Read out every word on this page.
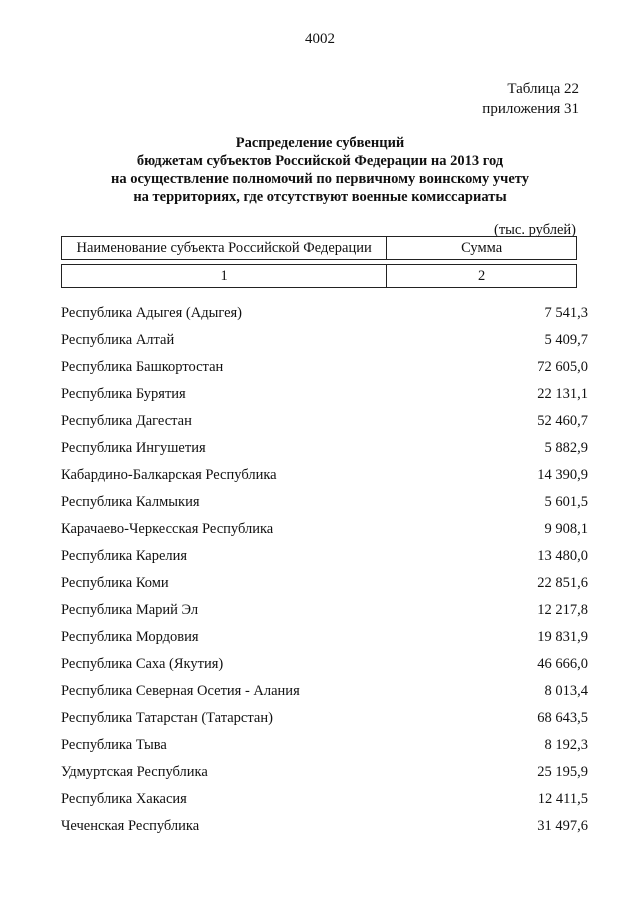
4002
Таблица 22
приложения 31
Распределение субвенций
бюджетам субъектов Российской Федерации на 2013 год
на осуществление полномочий по первичному воинскому учету
на территориях, где отсутствуют военные комиссариаты
(тыс. рублей)
Наименование субъекта Российской Федерации	Сумма

1	2
Республика Адыгея (Адыгея)	7 541,3
Республика Алтай	5 409,7
Республика Башкортостан	72 605,0
Республика Бурятия	22 131,1
Республика Дагестан	52 460,7
Республика Ингушетия	5 882,9
Кабардино-Балкарская Республика	14 390,9
Республика Калмыкия	5 601,5
Карачаево-Черкесская Республика	9 908,1
Республика Карелия	13 480,0
Республика Коми	22 851,6
Республика Марий Эл	12 217,8
Республика Мордовия	19 831,9
Республика Саха (Якутия)	46 666,0
Республика Северная Осетия - Алания	8 013,4
Республика Татарстан (Татарстан)	68 643,5
Республика Тыва	8 192,3
Удмуртская Республика	25 195,9
Республика Хакасия	12 411,5
Чеченская Республика	31 497,6
